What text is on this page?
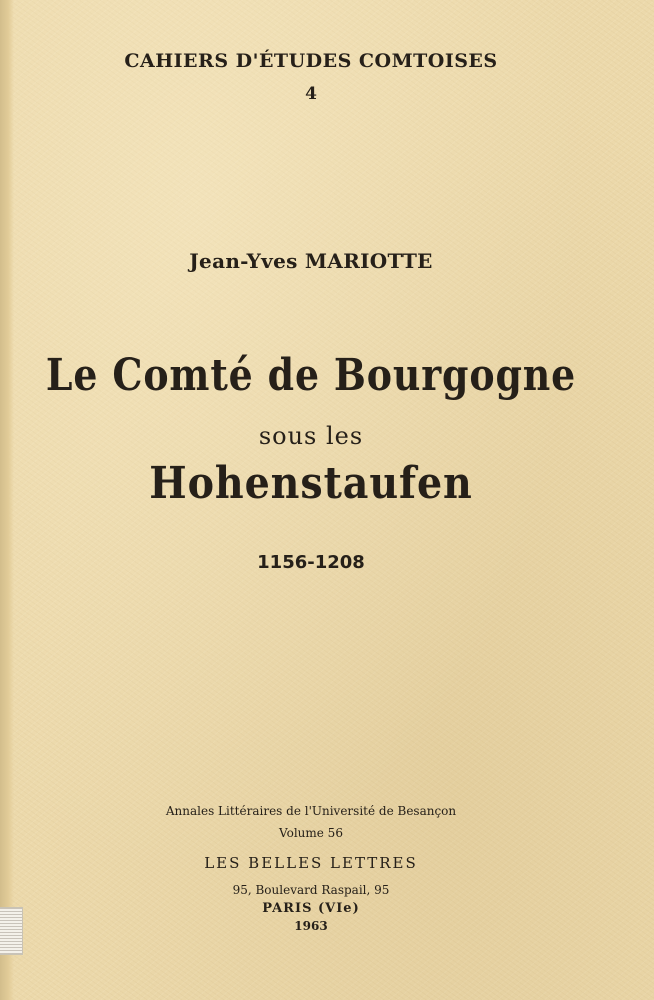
CAHIERS D'ÉTUDES COMTOISES
4
Jean-Yves MARIOTTE
Le Comté de Bourgogne
sous les
Hohenstaufen
1156-1208
Annales Littéraires de l'Université de Besançon
Volume 56
LES BELLES LETTRES
95, Boulevard Raspail, 95
PARIS (VIe)
1963
